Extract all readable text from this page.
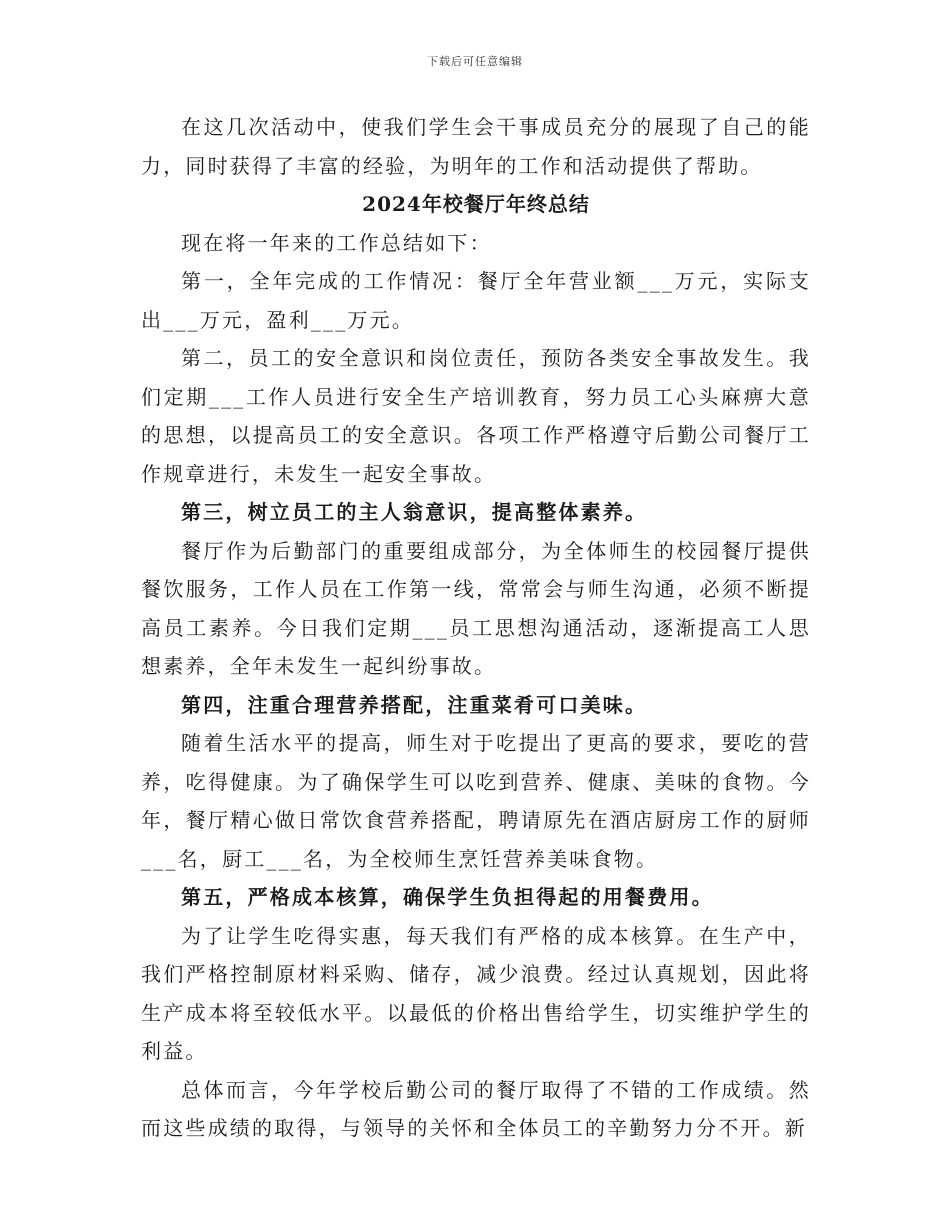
下载后可任意编辑

在这几次活动中，使我们学生会干事成员充分的展现了自己的能力，同时获得了丰富的经验，为明年的工作和活动提供了帮助。

2024年校餐厅年终总结

现在将一年来的工作总结如下：

第一，全年完成的工作情况：餐厅全年营业额___万元，实际支出___万元，盈利___万元。

第二，员工的安全意识和岗位责任，预防各类安全事故发生。我们定期___工作人员进行安全生产培训教育，努力员工心头麻痹大意的思想，以提高员工的安全意识。各项工作严格遵守后勤公司餐厅工作规章进行，未发生一起安全事故。

第三，树立员工的主人翁意识，提高整体素养。

餐厅作为后勤部门的重要组成部分，为全体师生的校园餐厅提供餐饮服务，工作人员在工作第一线，常常会与师生沟通，必须不断提高员工素养。今日我们定期___员工思想沟通活动，逐渐提高工人思想素养，全年未发生一起纠纷事故。

第四，注重合理营养搭配，注重菜肴可口美味。

随着生活水平的提高，师生对于吃提出了更高的要求，要吃的营养，吃得健康。为了确保学生可以吃到营养、健康、美味的食物。今年，餐厅精心做日常饮食营养搭配，聘请原先在酒店厨房工作的厨师___名，厨工___名，为全校师生烹饪营养美味食物。

第五，严格成本核算，确保学生负担得起的用餐费用。

为了让学生吃得实惠，每天我们有严格的成本核算。在生产中，我们严格控制原材料采购、储存，减少浪费。经过认真规划，因此将生产成本将至较低水平。以最低的价格出售给学生，切实维护学生的利益。

总体而言，今年学校后勤公司的餐厅取得了不错的工作成绩。然而这些成绩的取得，与领导的关怀和全体员工的辛勤努力分不开。新
